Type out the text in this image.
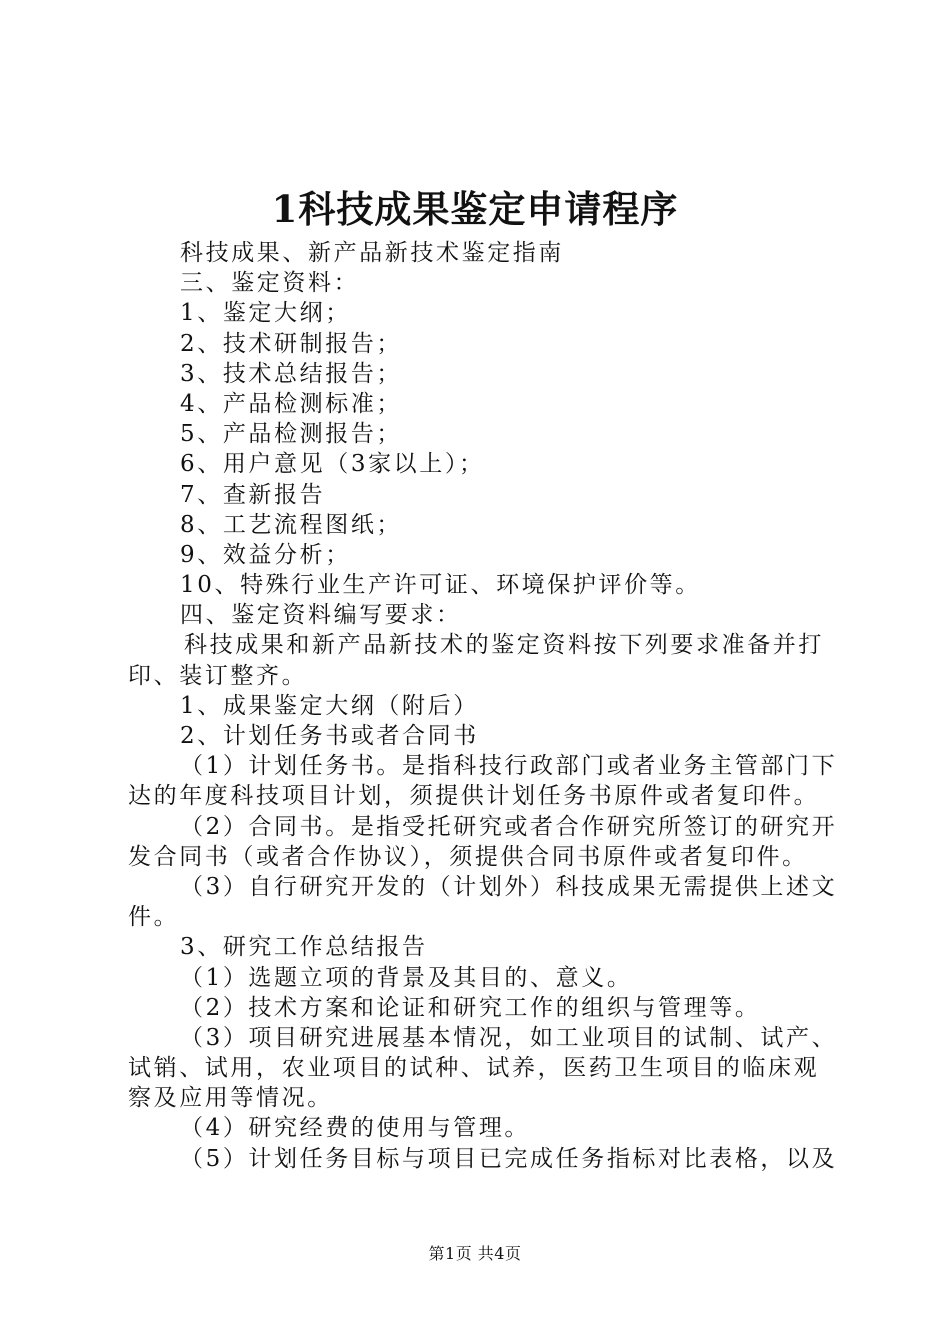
1科技成果鉴定申请程序
科技成果、新产品新技术鉴定指南
三、鉴定资料：
1、鉴定大纲；
2、技术研制报告；
3、技术总结报告；
4、产品检测标准；
5、产品检测报告；
6、用户意见（3家以上）；
7、查新报告
8、工艺流程图纸；
9、效益分析；
10、特殊行业生产许可证、环境保护评价等。
四、鉴定资料编写要求：
科技成果和新产品新技术的鉴定资料按下列要求准备并打
印、装订整齐。
1、成果鉴定大纲（附后）
2、计划任务书或者合同书
（1）计划任务书。是指科技行政部门或者业务主管部门下
达的年度科技项目计划，须提供计划任务书原件或者复印件。
（2）合同书。是指受托研究或者合作研究所签订的研究开
发合同书（或者合作协议），须提供合同书原件或者复印件。
（3）自行研究开发的（计划外）科技成果无需提供上述文
件。
3、研究工作总结报告
（1）选题立项的背景及其目的、意义。
（2）技术方案和论证和研究工作的组织与管理等。
（3）项目研究进展基本情况，如工业项目的试制、试产、
试销、试用，农业项目的试种、试养，医药卫生项目的临床观
察及应用等情况。
（4）研究经费的使用与管理。
（5）计划任务目标与项目已完成任务指标对比表格，以及
第1页 共4页
